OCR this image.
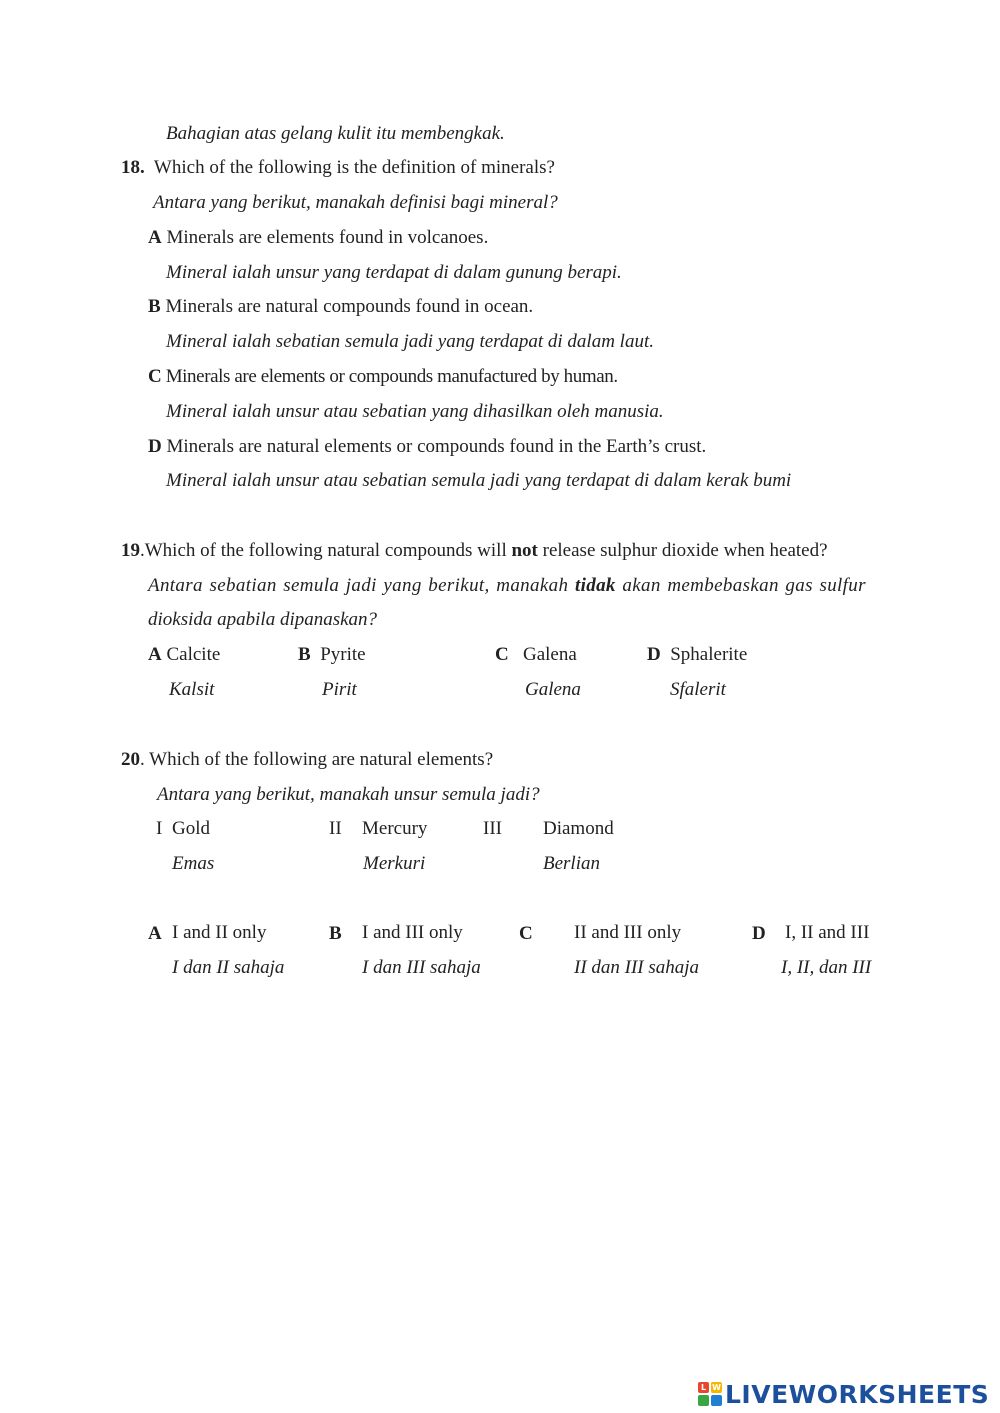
Bahagian atas gelang kulit itu membengkak.
18. Which of the following is the definition of minerals?
Antara yang berikut, manakah definisi bagi mineral?
A Minerals are elements found in volcanoes.
Mineral ialah unsur yang terdapat di dalam gunung berapi.
B Minerals are natural compounds found in ocean.
Mineral ialah sebatian semula jadi yang terdapat di dalam laut.
C Minerals are elements or compounds manufactured by human.
Mineral ialah unsur atau sebatian yang dihasilkan oleh manusia.
D Minerals are natural elements or compounds found in the Earth’s crust.
Mineral ialah unsur atau sebatian semula jadi yang terdapat di dalam kerak bumi
19.Which of the following natural compounds will not release sulphur dioxide when heated?
Antara sebatian semula jadi yang berikut, manakah tidak akan membebaskan gas sulfur
dioksida apabila dipanaskan?
A Calcite
Kalsit
B Pyrite
Pirit
C Galena
Galena
D Sphalerite
Sfalerit
20. Which of the following are natural elements?
Antara yang berikut, manakah unsur semula jadi?
I Gold
Emas
II Mercury
Merkuri
III Diamond
Berlian
A I and II only
I dan II sahaja
B I and III only
I dan III sahaja
C II and III only
II dan III sahaja
D I, II and III
I, II, dan III
L W LIVEWORKSHEETS
